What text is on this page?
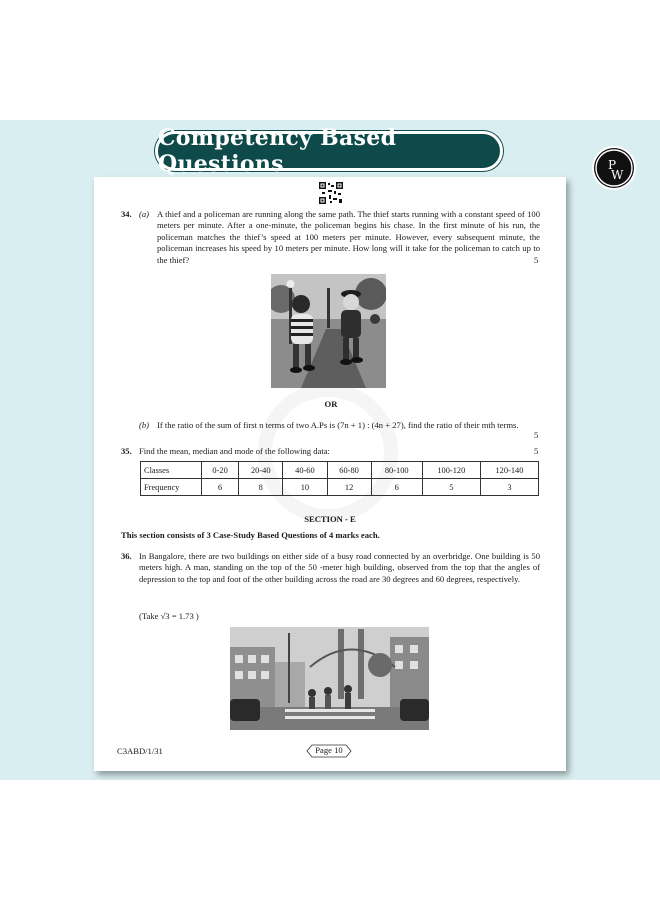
Competency Based Questions	P
W
34. (a) A thief and a policeman are running along the same path. The thief starts running with a constant speed of 100 meters per minute. After a one-minute, the policeman begins his chase. In the first minute of his run, the policeman matches the thief’s speed at 100 meters per minute. However, every subsequent minute, the policeman increases his speed by 10 meters per minute. How long will it take for the policeman to catch up to the thief?	5
OR
(b) If the ratio of the sum of first n terms of two A.Ps is (7n + 1) : (4n + 27), find the ratio of their mth terms.
5
35. Find the mean, median and mode of the following data:	5
Classes	0-20	20-40	40-60	60-80	80-100	100-120	120-140
Frequency	6	8	10	12	6	5	3
SECTION - E
This section consists of 3 Case-Study Based Questions of 4 marks each.
36. In Bangalore, there are two buildings on either side of a busy road connected by an overbridge. One building is 50 meters high. A man, standing on the top of the 50 -meter high building, observed from the top that the angles of depression to the top and foot of the other building across the road are 30 degrees and 60 degrees, respectively.
(Take √3 = 1.73 )
C3ABD/1/31	Page 10
